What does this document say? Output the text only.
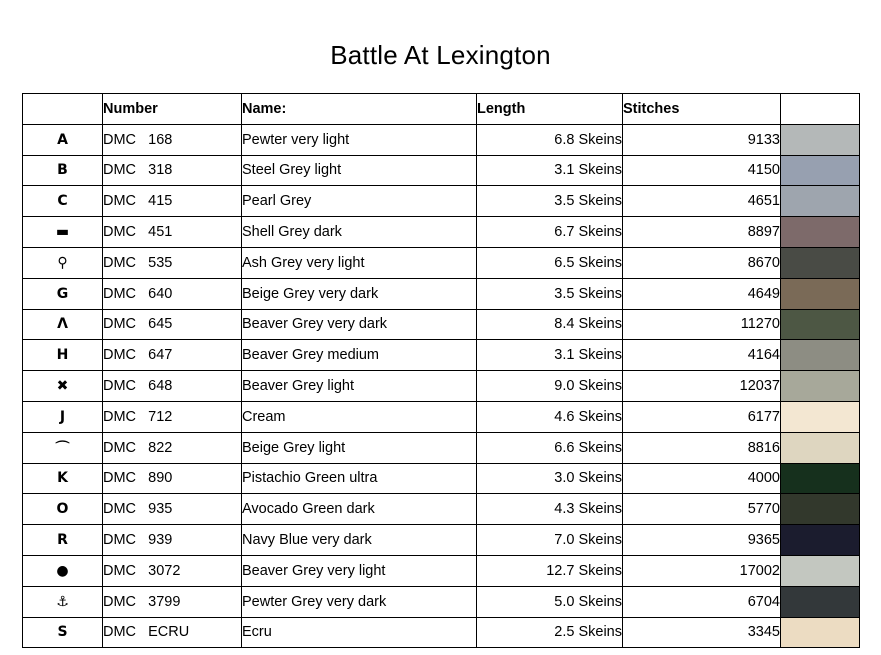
Battle At Lexington
	Number	Name:	Length	Stitches	
A	DMC 168	Pewter very light	6.8 Skeins	9133	

B	DMC 318	Steel Grey light	3.1 Skeins	4150	

C	DMC 415	Pearl Grey	3.5 Skeins	4651	

▬	DMC 451	Shell Grey dark	6.7 Skeins	8897	

⚲	DMC 535	Ash Grey very light	6.5 Skeins	8670	

G	DMC 640	Beige Grey very dark	3.5 Skeins	4649	

Λ	DMC 645	Beaver Grey very dark	8.4 Skeins	11270	

H	DMC 647	Beaver Grey medium	3.1 Skeins	4164	

✖	DMC 648	Beaver Grey light	9.0 Skeins	12037	

J	DMC 712	Cream	4.6 Skeins	6177	

⌒	DMC 822	Beige Grey light	6.6 Skeins	8816	

K	DMC 890	Pistachio Green ultra	3.0 Skeins	4000	

O	DMC 935	Avocado Green dark	4.3 Skeins	5770	

R	DMC 939	Navy Blue very dark	7.0 Skeins	9365	

●	DMC 3072	Beaver Grey very light	12.7 Skeins	17002	

⚓	DMC 3799	Pewter Grey very dark	5.0 Skeins	6704	

S	DMC ECRU	Ecru	2.5 Skeins	3345	
